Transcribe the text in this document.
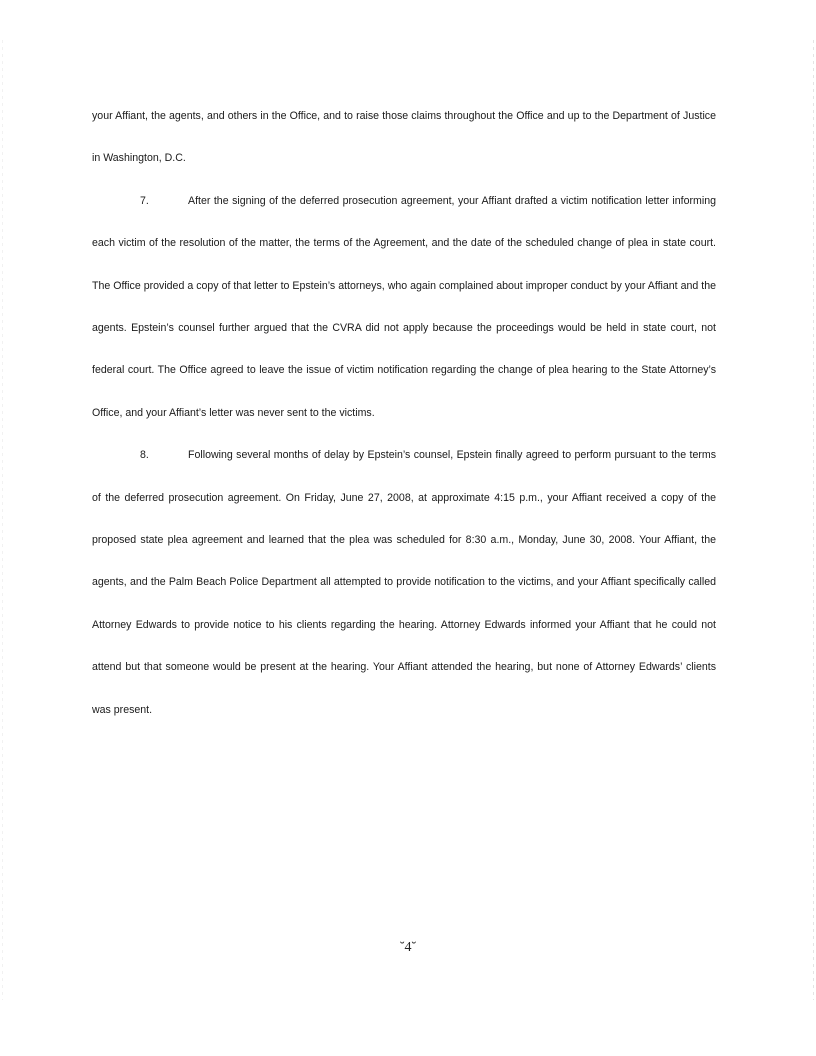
your Affiant, the agents, and others in the Office, and to raise those claims throughout the Office and up to the Department of Justice in Washington, D.C.

7.	After the signing of the deferred prosecution agreement, your Affiant drafted a victim notification letter informing each victim of the resolution of the matter, the terms of the Agreement, and the date of the scheduled change of plea in state court. The Office provided a copy of that letter to Epstein’s attorneys, who again complained about improper conduct by your Affiant and the agents. Epstein’s counsel further argued that the CVRA did not apply because the proceedings would be held in state court, not federal court. The Office agreed to leave the issue of victim notification regarding the change of plea hearing to the State Attorney’s Office, and your Affiant’s letter was never sent to the victims.

8.	Following several months of delay by Epstein’s counsel, Epstein finally agreed to perform pursuant to the terms of the deferred prosecution agreement. On Friday, June 27, 2008, at approximate 4:15 p.m., your Affiant received a copy of the proposed state plea agreement and learned that the plea was scheduled for 8:30 a.m., Monday, June 30, 2008. Your Affiant, the agents, and the Palm Beach Police Department all attempted to provide notification to the victims, and your Affiant specifically called Attorney Edwards to provide notice to his clients regarding the hearing. Attorney Edwards informed your Affiant that he could not attend but that someone would be present at the hearing. Your Affiant attended the hearing, but none of Attorney Edwards’ clients was present.

˘4˘
